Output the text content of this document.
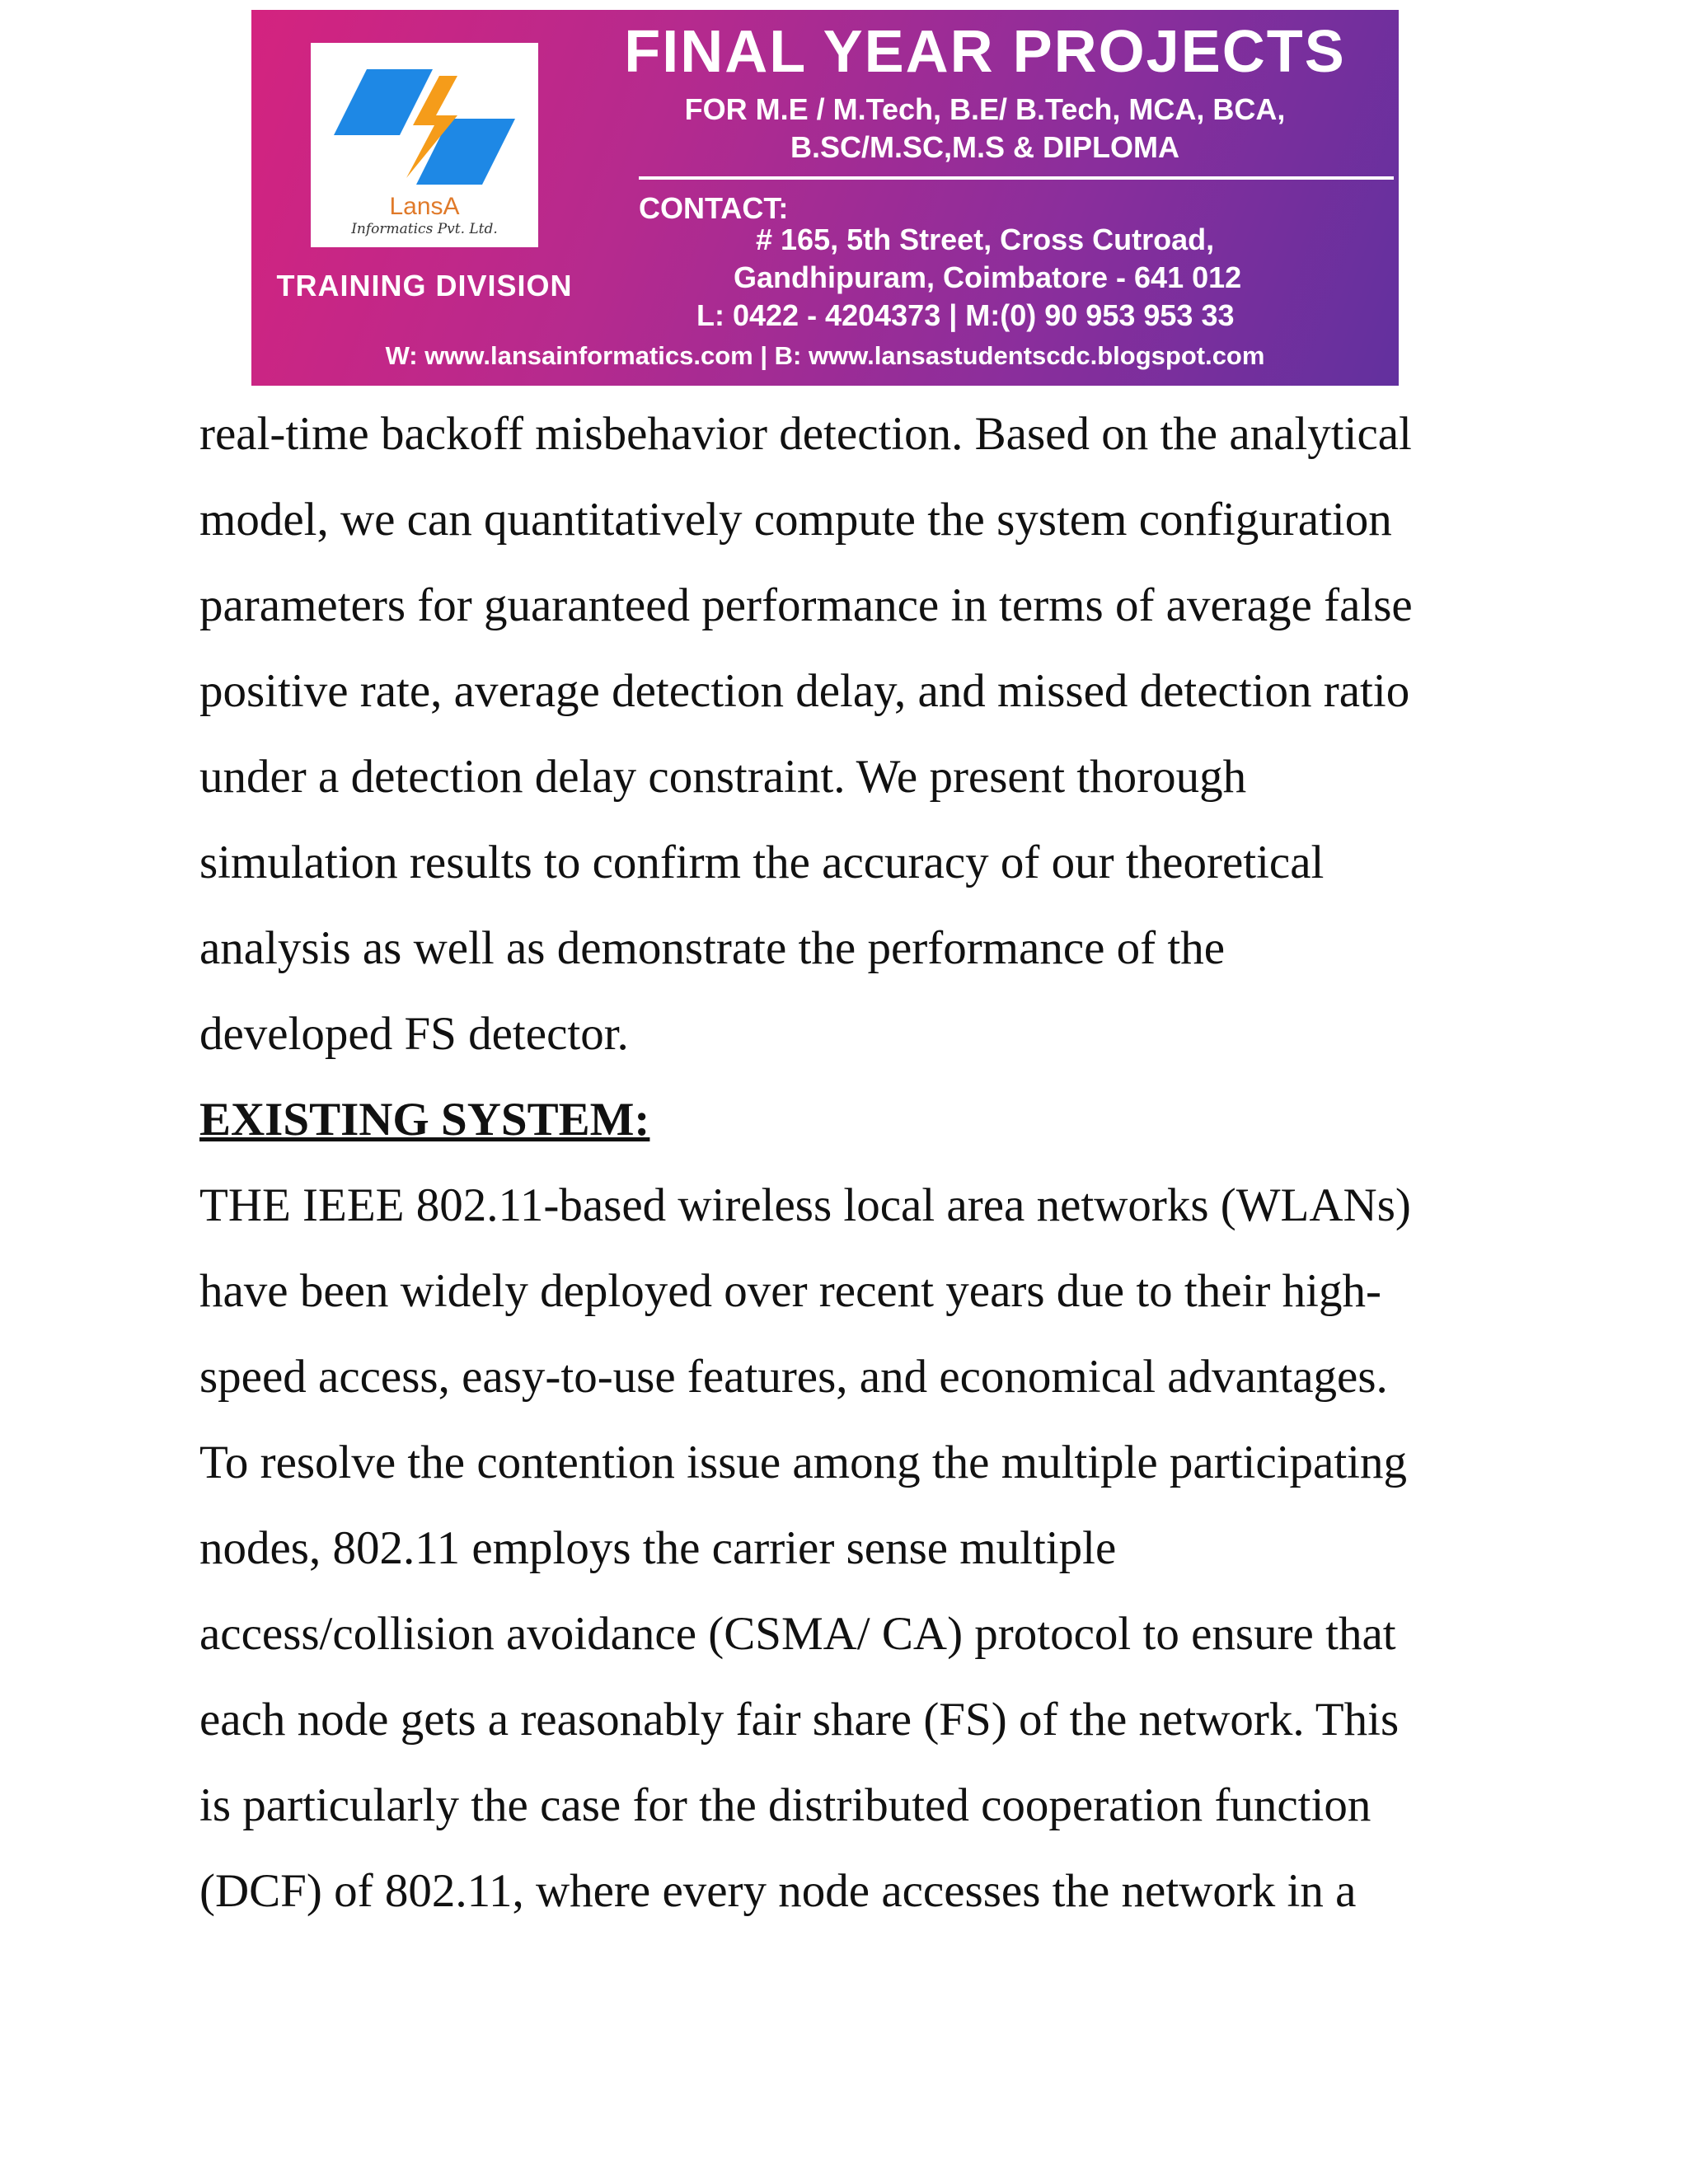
LansA
Informatics Pvt. Ltd.
TRAINING DIVISION
FINAL YEAR PROJECTS
FOR M.E / M.Tech, B.E/ B.Tech, MCA, BCA,
B.SC/M.SC,M.S & DIPLOMA
CONTACT:
# 165, 5th Street, Cross Cutroad,
Gandhipuram, Coimbatore - 641 012
L: 0422 - 4204373 | M:(0) 90 953 953 33
W: www.lansainformatics.com | B: www.lansastudentscdc.blogspot.com

real-time backoff misbehavior detection. Based on the analytical
model, we can quantitatively compute the system configuration
parameters for guaranteed performance in terms of average false
positive rate, average detection delay, and missed detection ratio
under a detection delay constraint. We present thorough
simulation results to confirm the accuracy of our theoretical
analysis as well as demonstrate the performance of the
developed FS detector.

EXISTING SYSTEM:

THE IEEE 802.11-based wireless local area networks (WLANs)
have been widely deployed over recent years due to their high-
speed access, easy-to-use features, and economical advantages.
To resolve the contention issue among the multiple participating
nodes, 802.11 employs the carrier sense multiple
access/collision avoidance (CSMA/ CA) protocol to ensure that
each node gets a reasonably fair share (FS) of the network. This
is particularly the case for the distributed cooperation function
(DCF) of 802.11, where every node accesses the network in a
